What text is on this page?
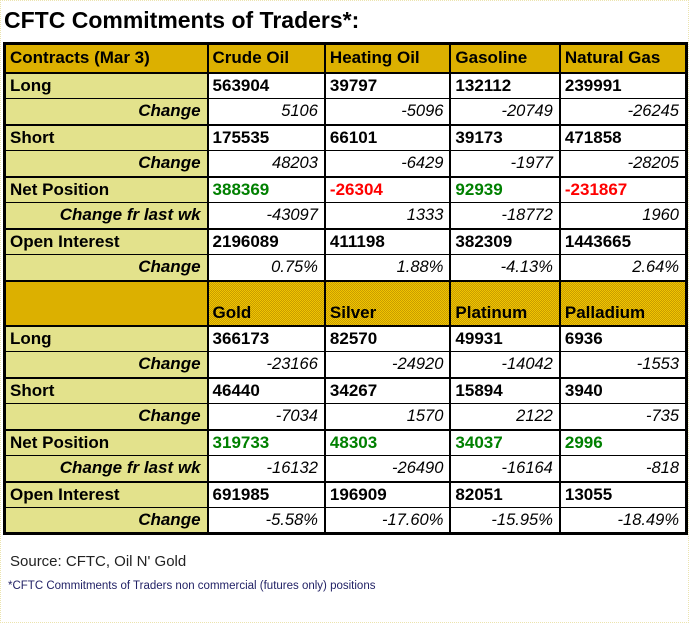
CFTC Commitments of Traders*:
Contracts (Mar 3)	Crude Oil	Heating Oil	Gasoline	Natural Gas
Long	563904	39797	132112	239991
Change	5106	-5096	-20749	-26245
Short	175535	66101	39173	471858
Change	48203	-6429	-1977	-28205
Net Position	388369	-26304	92939	-231867
Change fr last wk	-43097	1333	-18772	1960
Open Interest	2196089	411198	382309	1443665
Change	0.75%	1.88%	-4.13%	2.64%
	Gold	Silver	Platinum	Palladium
Long	366173	82570	49931	6936
Change	-23166	-24920	-14042	-1553
Short	46440	34267	15894	3940
Change	-7034	1570	2122	-735
Net Position	319733	48303	34037	2996
Change fr last wk	-16132	-26490	-16164	-818
Open Interest	691985	196909	82051	13055
Change	-5.58%	-17.60%	-15.95%	-18.49%
Source: CFTC, Oil N' Gold
*CFTC Commitments of Traders non commercial (futures only) positions
